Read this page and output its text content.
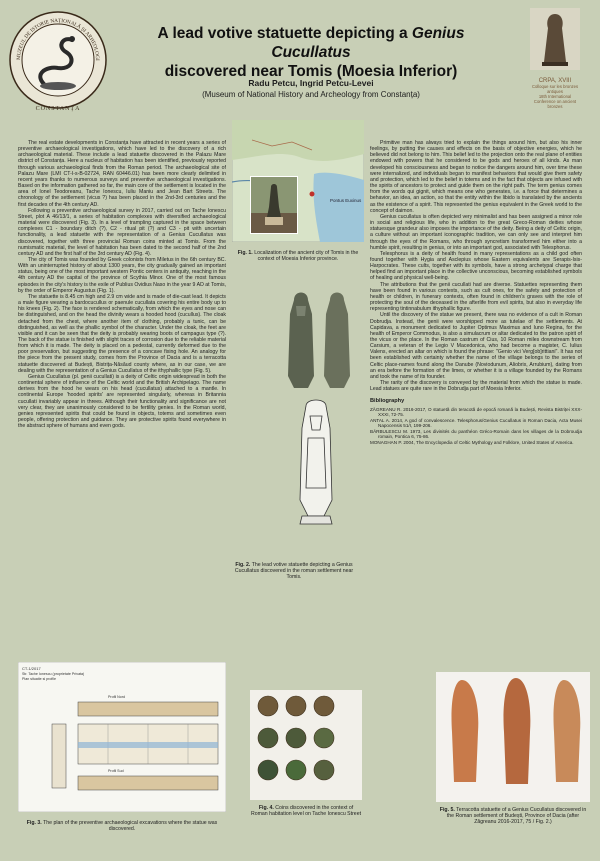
MUZEUL DE ISTORIE NAȚIONALĂ ȘI ARHEOLOGI
CONSTANȚA
A lead votive statuette depicting a Genius Cucullatus
discovered near Tomis (Moesia Inferior)
Radu Petcu, Ingrid Petcu-Levei
(Museum of National History and Archeology from Constanța)
CRPA, XVIII
Colloque sur les bronzes
antiques
18th International
Conference on ancient
bronzes

The real estate developments in Constanța have attracted in recent years a series of preventive archaeological investigations, which have led to the discovery of a rich archaeological material. These include a lead statuette discovered in the Palazu Mare district of Constanța. Here a nucleus of habitation has been identified, previously reported through various archaeological finds from the Roman period. The archaeological site of Palazu Mare (LMI CT-I-s-B-02724, RAN 60446.01) has been more clearly delimited in recent years thanks to numerous surveys and preventive archaeological investigations. Based on the information gathered so far, the main core of the settlement is located in the area of Ionel Teodoreanu, Tache Ionescu, Iuliu Maniu and Jean Bart Streets. The chronology of the settlement (vicus ?) has been placed in the 2nd-3rd centuries and the first decades of the 4th century AD.

Following a preventive archaeological survey in 2017, carried out on Tache Ionescu Street, plot A 46/13/1, a series of habitation complexes with diversified archaeological material were discovered (Fig. 3). In a level of trampling captured in the space between complexes C1 - boundary ditch (?), C2 - ritual pit (?) and C3 - pit with uncertain functionality, a lead statuette with the representation of a Genius Cucullatus was discovered, together with three provincial Roman coins minted at Tomis. From the numismatic material, the level of habitation has been dated to the second half of the 2nd century AD and the first half of the 3rd century AD (Fig. 4).

The city of Tomis was founded by Greek colonists from Miletus in the 6th century BC. With an uninterrupted history of about 1300 years, the city gradually gained an important status, being one of the most important western Pontic centers in antiquity, reaching in the 4th century AD the capital of the province of Scythia Minor. One of the most famous episodes in the city's history is the exile of Publius Ovidius Naso in the year 9 AD at Tomis, by the order of Emperor Augustus (Fig. 1).

The statuette is 8.45 cm high and 2.9 cm wide and is made of die-cast lead. It depicts a male figure wearing a bardocucullus or paenule cucullata covering his entire body up to his knees (Fig. 2). The face is rendered schematically, from which the eyes and nose can be distinguished, and on the head the divinity wears a hooded hood (cucullus). The cloak detached from the chest, where another item of clothing, probably a tunic, can be distinguished, as well as the phallic symbol of the character. Under the cloak, the feet are visible and it can be seen that the deity is probably wearing boots of campagus type (?). The back of the statue is finished with slight traces of corrosion due to the reliable material from which it is made. The deity is placed on a pedestal, currently deformed due to the poor preservation, but suggesting the presence of a concave fixing hole. An analogy for the piece from the present study, comes from the Province of Dacia and is a terracotta statuette discovered at Budești, Bistrița-Năsăud county where, as in our case, we are dealing with the representation of a Genius Cucullatus of the ithyphallic type (Fig. 5).

Genius Cucullatus (pl. genii cucullati) is a deity of Celtic origin widespread in both the continental sphere of influence of the Celtic world and the British Archipelago. The name derives from the hood he wears on his head (cucullatus) attached to a mantle. In continental Europe 'hooded spirits' are represented singularly, whereas in Britannia cucullati invariably appear in threes. Although their functionality and significance are not very clear, they are unanimously considered to be fertility genies. In the Roman world, genies represented spirits that could be found in objects, totems and sometimes even people, offering protection and guidance. They are protective spirits found everywhere in the abstract sphere of humans and even gods.

Pontus Euxinus
Fig. 1. Localization of the ancient city of Tomis in the context of Moesia Inferior province.
Fig. 2. The lead votive statuette depicting a Genius Cucullatus discovered in the roman settlement near Tomis.

Primitive man has always tried to explain the things around him, but also his inner feelings, by putting the causes and effects on the basis of objective energies, which he believed did not belong to him. This belief led to the projection onto the real plane of entities endowed with powers that he considered to be gods and heroes of all kinds. As man developed his consciousness and began to notice the dangers around him, over time these were internalized, and individuals began to manifest behaviors that would give them safety and protection, which led to the belief in totems and in the fact that objects are infused with the spirits of ancestors to protect and guide them on the right path. The term genius comes from the words qui gignit, which means one who generates, i.e. a force that determines a behavior, an idea, an action, so that the entity within the libido is translated by the ancients as the existence of a spirit. This represented the genius equivalent in the Greek world to the concept of daimon.

Genius cucullatus is often depicted very minimalist and has been assigned a minor role in social and religious life, who in addition to the great Greco-Roman deities whose statuesque grandeur also imposes the importance of the deity. Being a deity of Celtic origin, a culture without an important iconographic tradition, we can only see and interpret him through the eyes of the Romans, who through syncretism transformed him either into a humble spirit, resulting in genius, or into an important god, associated with Telesphorus.

Telesphorus is a deity of health found in many representations as a child god often found together with Hygia and Asclepius whose Eastern equivalents are Serapis-Isis-Harpocrates. These cults, together with its symbols, have a strong archetypal charge that helped find an important place in the collective unconscious, becoming established symbols of healing and physical well-being.

The attributions that the genii cucullati had are diverse. Statuettes representing them have been found in various contexts, such as cult ones, for the safety and protection of health or children, in funerary contexts, often found in children's graves with the role of protecting the soul of the deceased in the afterlife from evil spirits, but also in everyday life representing tintinnabulum ithyphallic figure.

Until the discovery of the statue we present, there was no evidence of a cult in Roman Dobrudja. Instead, the genii were worshipped more as tutelae of the settlements. At Capidava, a monument dedicated to Jupiter Optimus Maximus and Iuno Regina, for the health of Emperor Commodus, is also a simulacrum or altar dedicated to the patron spirit of the vicus or the place. In the Roman castrum of Cius, 10 Roman miles downstream from Carsium, a veteran of the Legio V Macedonica, who had become a magister, C. Iulius Valens, erected an altar on which is found the phrase: "Genio vici Verg[ob]rittiani". It has not been established with certainty whether the name of the village belongs to the series of Celtic place-names found along the Danube (Noviodunum, Aliobrix, Arrubium), dating from an era before the formation of the limes, or whether it is a village founded by the Romans and took the name of its founder.

The rarity of the discovery is conveyed by the material from which the statue is made. Lead statues are quite rare in the Dobrudja part of Moesia Inferior.

Bibliography
ZĂGREANU R. 2016-2017, O statuetă din teracotă de epocă romană la Budești, Revista Bistriței XXX-XXXI, 72-75.
ANTAL A. 2014, A god of convalescence. Telesphorus/Genius Cucullatus in Roman Dacia, Acta Musei Napocensis 51/I, 199-206.
BĂRBULESCU M. 1973, Les divinités du panthéon Gréco-Romain dans les villages de la Dobroudja romain, Pontica 6, 75-86.
MONAGHAN P. 2004, The Encyclopedia of Celtic Mythology and Folklore, United States of America.
CT-1/2017
Str. Tache Ionescu (proprietate Privata)
Plan situatie si profile
Profil Nord
Profil Sud
Fig. 3. The plan of the preventive archaeological excavations where the statue was discovered.
Fig. 4. Coins discovered in the context of Roman habitation level on Tache Ionescu Street
Fig. 5. Terracotta statuette of a Genius Cucullatus discovered in the Roman settlement of Budești, Province of Dacia (after Zăgreanu 2016-2017, 75 / Fig. 2.)
